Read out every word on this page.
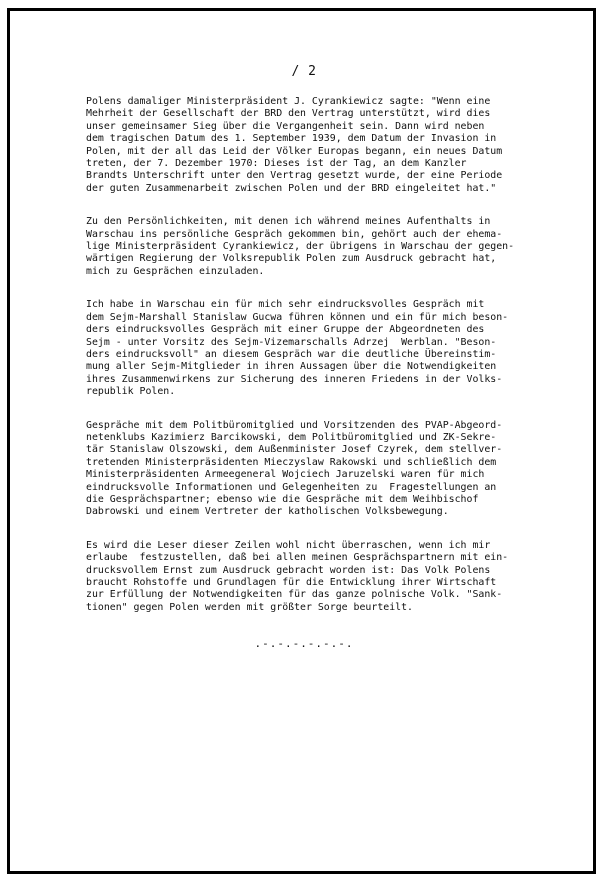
/ 2

Polens damaliger Ministerpräsident J. Cyrankiewicz sagte: "Wenn eine
Mehrheit der Gesellschaft der BRD den Vertrag unterstützt, wird dies
unser gemeinsamer Sieg über die Vergangenheit sein. Dann wird neben
dem tragischen Datum des 1. September 1939, dem Datum der Invasion in
Polen, mit der all das Leid der Völker Europas begann, ein neues Datum
treten, der 7. Dezember 1970: Dieses ist der Tag, an dem Kanzler
Brandts Unterschrift unter den Vertrag gesetzt wurde, der eine Periode
der guten Zusammenarbeit zwischen Polen und der BRD eingeleitet hat."

Zu den Persönlichkeiten, mit denen ich während meines Aufenthalts in
Warschau ins persönliche Gespräch gekommen bin, gehört auch der ehema-
lige Ministerpräsident Cyrankiewicz, der übrigens in Warschau der gegen-
wärtigen Regierung der Volksrepublik Polen zum Ausdruck gebracht hat,
mich zu Gesprächen einzuladen.

Ich habe in Warschau ein für mich sehr eindrucksvolles Gespräch mit
dem Sejm-Marshall Stanislaw Gucwa führen können und ein für mich beson-
ders eindrucksvolles Gespräch mit einer Gruppe der Abgeordneten des
Sejm - unter Vorsitz des Sejm-Vizemarschalls Adrzej  Werblan. "Beson-
ders eindrucksvoll" an diesem Gespräch war die deutliche Übereinstim-
mung aller Sejm-Mitglieder in ihren Aussagen über die Notwendigkeiten
ihres Zusammenwirkens zur Sicherung des inneren Friedens in der Volks-
republik Polen.

Gespräche mit dem Politbüromitglied und Vorsitzenden des PVAP-Abgeord-
netenklubs Kazimierz Barcikowski, dem Politbüromitglied und ZK-Sekre-
tär Stanislaw Olszowski, dem Außenminister Josef Czyrek, dem stellver-
tretenden Ministerpräsidenten Mieczyslaw Rakowski und schließlich dem
Ministerpräsidenten Armeegeneral Wojciech Jaruzelski waren für mich
eindrucksvolle Informationen und Gelegenheiten zu  Fragestellungen an
die Gesprächspartner; ebenso wie die Gespräche mit dem Weihbischof
Dabrowski und einem Vertreter der katholischen Volksbewegung.

Es wird die Leser dieser Zeilen wohl nicht überraschen, wenn ich mir
erlaube  festzustellen, daß bei allen meinen Gesprächspartnern mit ein-
drucksvollem Ernst zum Ausdruck gebracht worden ist: Das Volk Polens
braucht Rohstoffe und Grundlagen für die Entwicklung ihrer Wirtschaft
zur Erfüllung der Notwendigkeiten für das ganze polnische Volk. "Sank-
tionen" gegen Polen werden mit größter Sorge beurteilt.

.-.-.-.-.-.-.
